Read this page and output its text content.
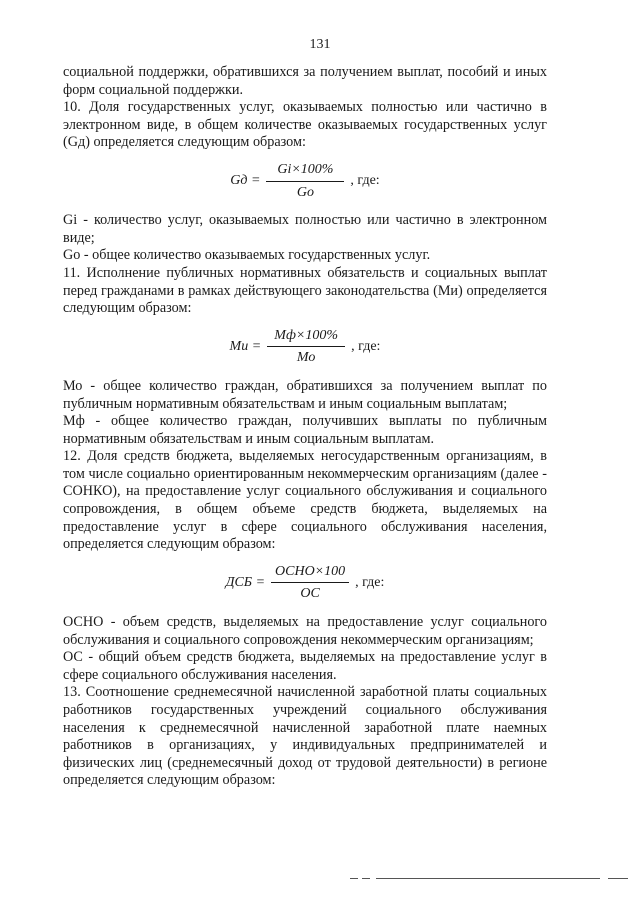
131

социальной поддержки, обратившихся за получением выплат, пособий и иных форм социальной поддержки.

10. Доля государственных услуг, оказываемых полностью или частично в электронном виде, в общем количестве оказываемых государственных услуг (Gд) определяется следующим образом:

Gд = $\frac{Gi\times 100\%}{Go}$ , где:

Gi - количество услуг, оказываемых полностью или частично в электронном виде;

Go - общее количество оказываемых государственных услуг.

11. Исполнение публичных нормативных обязательств и социальных выплат перед гражданами в рамках действующего законодательства (Ми) определяется следующим образом:

Ми = $\frac{Мф\times 100\%}{Мо}$ , где:

Мо - общее количество граждан, обратившихся за получением выплат по публичным нормативным обязательствам и иным социальным выплатам;

Мф - общее количество граждан, получивших выплаты по публичным нормативным обязательствам и иным социальным выплатам.

12. Доля средств бюджета, выделяемых негосударственным организациям, в том числе социально ориентированным некоммерческим организациям (далее - СОНКО), на предоставление услуг социального обслуживания и социального сопровождения, в общем объеме средств бюджета, выделяемых на предоставление услуг в сфере социального обслуживания населения, определяется следующим образом:

ДСБ = $\frac{\text{ОСНО×100}}{ОС}$ , где:

ОСНО - объем средств, выделяемых на предоставление услуг социального обслуживания и социального сопровождения некоммерческим организациям;

ОС - общий объем средств бюджета, выделяемых на предоставление услуг в сфере социального обслуживания населения.

13. Соотношение среднемесячной начисленной заработной платы социальных работников государственных учреждений социального обслуживания населения к среднемесячной начисленной заработной плате наемных работников в организациях, у индивидуальных предпринимателей и физических лиц (среднемесячный доход от трудовой деятельности) в регионе определяется следующим образом:
